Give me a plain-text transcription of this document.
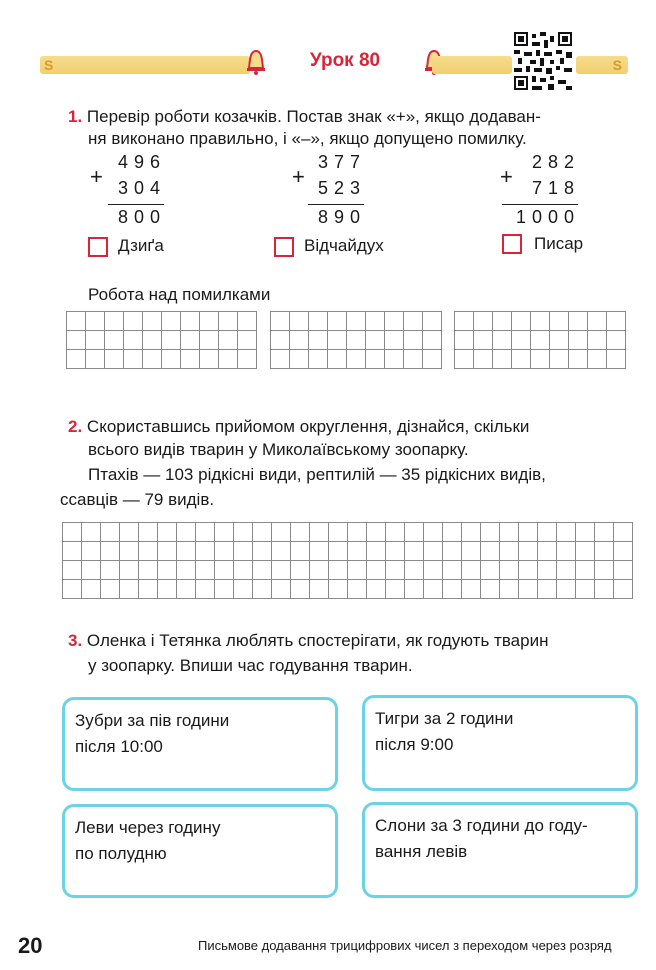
S	Урок 80	S
1. Перевір роботи козачків. Постав знак «+», якщо додаван-
ня виконано правильно, і «–», якщо допущено помилку.
+
496
304
800
Дзиґа
+
377
523
890
Відчайдух
+
282
718
1000
Писар
Робота над помилками
2. Скориставшись прийомом округлення, дізнайся, скільки
всього видів тварин у Миколаївському зоопарку.
Птахів — 103 рідкісні види, рептилій — 35 рідкісних видів,
ссавців — 79 видів.
3. Оленка і Тетянка люблять спостерігати, як годують тварин
у зоопарку. Впиши час годування тварин.
Зубри за пів години
після 10:00
Тигри за 2 години
після 9:00
Леви через годину
по полудню
Слони за 3 години до году-
вання левів
20	Письмове додавання трицифрових чисел з переходом через розряд
